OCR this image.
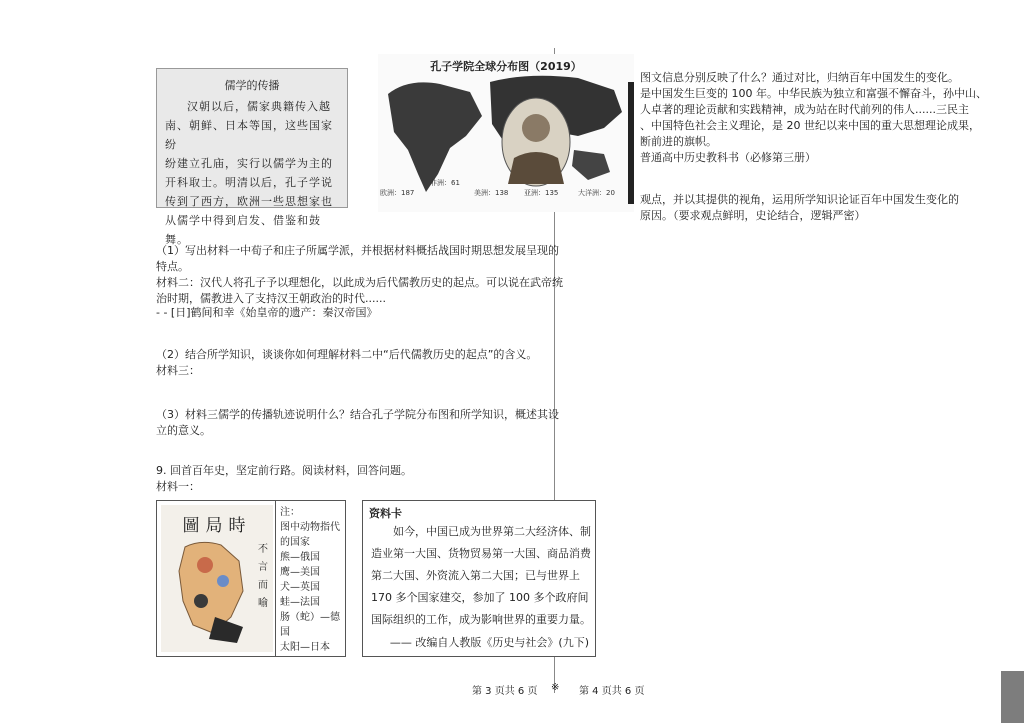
儒学的传播
汉朝以后，儒家典籍传入越
南、朝鲜、日本等国，这些国家纷
纷建立孔庙，实行以儒学为主的
开科取士。明清以后，孔子学说
传到了西方，欧洲一些思想家也
从儒学中得到启发、借鉴和鼓舞。
孔子学院全球分布图（2019）
欧洲：187	美洲：138 亚洲：135
非洲：61
大洋洲：20
（1）写出材料一中荀子和庄子所属学派，并根据材料概括战国时期思想发展呈现的
特点。
材料二：汉代人将孔子予以理想化，以此成为后代儒教历史的起点。可以说在武帝统
治时期，儒教进入了支持汉王朝政治的时代......
- - [日]鹤间和幸《始皇帝的遗产：秦汉帝国》
（2）结合所学知识，谈谈你如何理解材料二中“后代儒教历史的起点”的含义。
材料三：
（3）材料三儒学的传播轨迹说明什么？结合孔子学院分布图和所学知识，概述其设
立的意义。
9. 回首百年史，坚定前行路。阅读材料，回答问题。
材料一：
圖局時
不言而喻
注：
图中动物指代
的国家
熊—俄国
鹰—美国
犬—英国
蛙—法国
肠（蛇）—德国
太阳—日本
资料卡
如今，中国已成为世界第二大经济体、制造业第一大国、货物贸易第一大国、商品消费第二大国、外资流入第二大国；已与世界上 170 多个国家建交，参加了 100 多个政府间国际组织的工作，成为影响世界的重要力量。
—— 改编自人教版《历史与社会》(九下)
图文信息分别反映了什么？通过对比，归纳百年中国发生的变化。
是中国发生巨变的 100 年。中华民族为独立和富强不懈奋斗，孙中山、
人卓著的理论贡献和实践精神，成为站在时代前列的伟人......三民主
、中国特色社会主义理论，是 20 世纪以来中国的重大思想理论成果，
断前进的旗帜。
普通高中历史教科书（必修第三册）
观点，并以其提供的视角，运用所学知识论证百年中国发生变化的
原因。（要求观点鲜明，史论结合，逻辑严密）
第 3 页共 6 页 ※ 第 4 页共 6 页
